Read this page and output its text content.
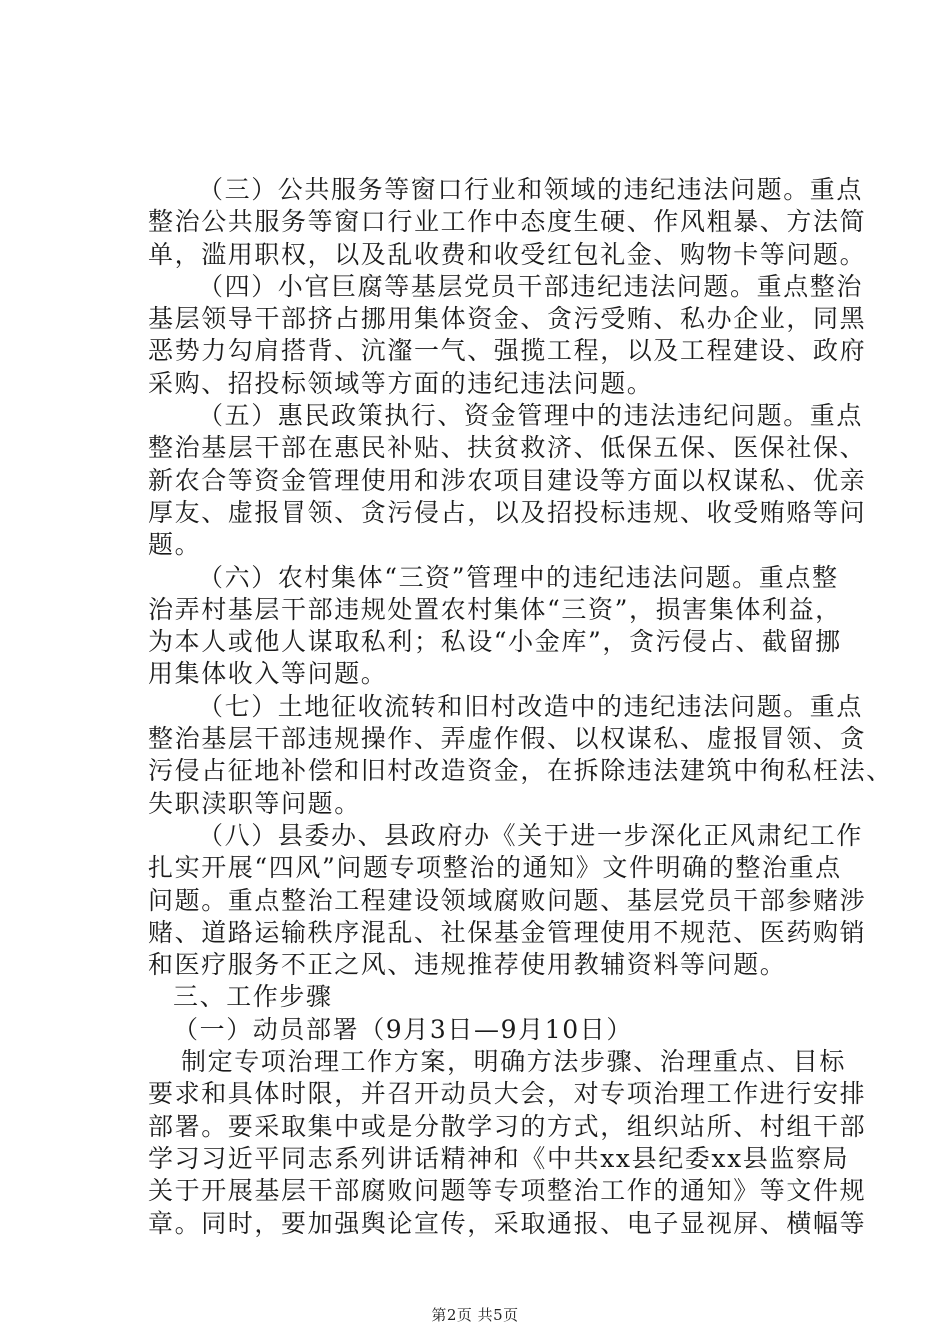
（三）公共服务等窗口行业和领域的违纪违法问题。重点
整治公共服务等窗口行业工作中态度生硬、作风粗暴、方法简
单，滥用职权，以及乱收费和收受红包礼金、购物卡等问题。
（四）小官巨腐等基层党员干部违纪违法问题。重点整治
基层领导干部挤占挪用集体资金、贪污受贿、私办企业，同黑
恶势力勾肩搭背、沆瀣一气、强揽工程，以及工程建设、政府
采购、招投标领域等方面的违纪违法问题。
（五）惠民政策执行、资金管理中的违法违纪问题。重点
整治基层干部在惠民补贴、扶贫救济、低保五保、医保社保、
新农合等资金管理使用和涉农项目建设等方面以权谋私、优亲
厚友、虚报冒领、贪污侵占，以及招投标违规、收受贿赂等问
题。
（六）农村集体“三资”管理中的违纪违法问题。重点整
治弄村基层干部违规处置农村集体“三资”，损害集体利益，
为本人或他人谋取私利；私设“小金库”，贪污侵占、截留挪
用集体收入等问题。
（七）土地征收流转和旧村改造中的违纪违法问题。重点
整治基层干部违规操作、弄虚作假、以权谋私、虚报冒领、贪
污侵占征地补偿和旧村改造资金，在拆除违法建筑中徇私枉法、
失职渎职等问题。
（八）县委办、县政府办《关于进一步深化正风肃纪工作
扎实开展“四风”问题专项整治的通知》文件明确的整治重点
问题。重点整治工程建设领域腐败问题、基层党员干部参赌涉
赌、道路运输秩序混乱、社保基金管理使用不规范、医药购销
和医疗服务不正之风、违规推荐使用教辅资料等问题。
三、工作步骤
（一）动员部署（9月3日—9月10日）
制定专项治理工作方案，明确方法步骤、治理重点、目标
要求和具体时限，并召开动员大会，对专项治理工作进行安排
部署。要采取集中或是分散学习的方式，组织站所、村组干部
学习习近平同志系列讲话精神和《中共xx县纪委xx县监察局
关于开展基层干部腐败问题等专项整治工作的通知》等文件规
章。同时，要加强舆论宣传，采取通报、电子显视屏、横幅等
第2页 共5页
